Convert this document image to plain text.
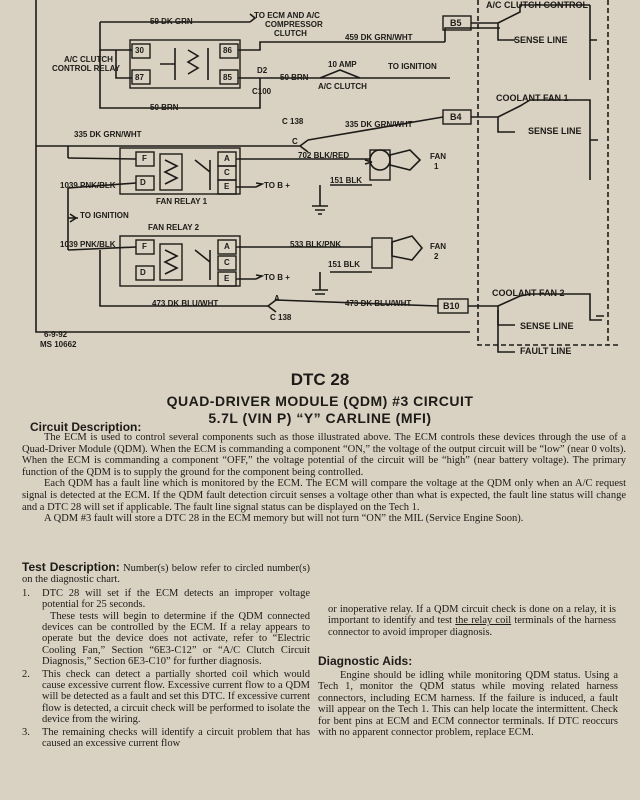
59 DK GRN
TO ECM AND A/C
COMPRESSOR
CLUTCH	459 DK GRN/WHT
A/C CLUTCH
CONTROL RELAY
30
87
86
85
D2
C100
50 BRN
10 AMP
A/C CLUTCH
TO IGNITION
50 BRN
B5
A/C CLUTCH CONTROL
SENSE LINE
COOLANT FAN 1
B4
SENSE LINE
C 138
C
335 DK GRN/WHT
335 DK GRN/WHT
F
D
A
C
E
702 BLK/RED	FAN
1
1039 PNK/BLK	TO B +
151 BLK
FAN RELAY 1
TO IGNITION
FAN RELAY 2
F
D
A
C
E
1039 PNK/BLK	533 BLK/PNK	FAN
2
151 BLK
TO B +
A
473 DK BLU/WHT	473 DK BLU/WHT
C 138
B10
COOLANT FAN 2
SENSE LINE
FAULT LINE
6-9-92
MS 10662
DTC 28
QUAD-DRIVER MODULE (QDM) #3 CIRCUIT
5.7L (VIN P) “Y” CARLINE (MFI)
Circuit Description:

The ECM is used to control several components such as those illustrated above. The ECM controls these devices through the use of a Quad-Driver Module (QDM). When the ECM is commanding a component “ON,” the voltage of the output circuit will be “low” (near 0 volts). When the ECM is commanding a component “OFF,” the voltage potential of the circuit will be “high” (near battery voltage). The primary function of the QDM is to supply the ground for the component being controlled.

Each QDM has a fault line which is monitored by the ECM. The ECM will compare the voltage at the QDM only when an A/C request signal is detected at the ECM. If the QDM fault detection circuit senses a voltage other than what is expected, the fault line status will change and a DTC 28 will set if applicable. The fault line signal status can be displayed on the Tech 1.

A QDM #3 fault will store a DTC 28 in the ECM memory but will not turn “ON” the MIL (Service Engine Soon).

Test Description: Number(s) below refer to circled number(s) on the diagnostic chart.
1.	DTC 28 will set if the ECM detects an improper voltage potential for 25 seconds.
These tests will begin to determine if the QDM connected devices can be controlled by the ECM. If a relay appears to operate but the device does not activate, refer to “Electric Cooling Fan,” Section “6E3-C12” or “A/C Clutch Circuit Diagnosis,” Section 6E3-C10” for further diagnosis.
2.	This check can detect a partially shorted coil which would cause excessive current flow. Excessive current flow to a QDM will be detected as a fault and set this DTC. If excessive current flow is detected, a circuit check will be performed to isolate the device from the wiring.
3.	The remaining checks will identify a circuit problem that has caused an excessive current flow
or inoperative relay. If a QDM circuit check is done on a relay, it is important to identify and test the relay coil terminals of the harness connector to avoid improper diagnosis.
Diagnostic Aids:

Engine should be idling while monitoring QDM status. Using a Tech 1, monitor the QDM status while moving related harness connectors, including ECM harness. If the failure is induced, a fault will appear on the Tech 1. This can help locate the intermittent. Check for bent pins at ECM and ECM connector terminals. If DTC reoccurs with no apparent connector problem, replace ECM.
